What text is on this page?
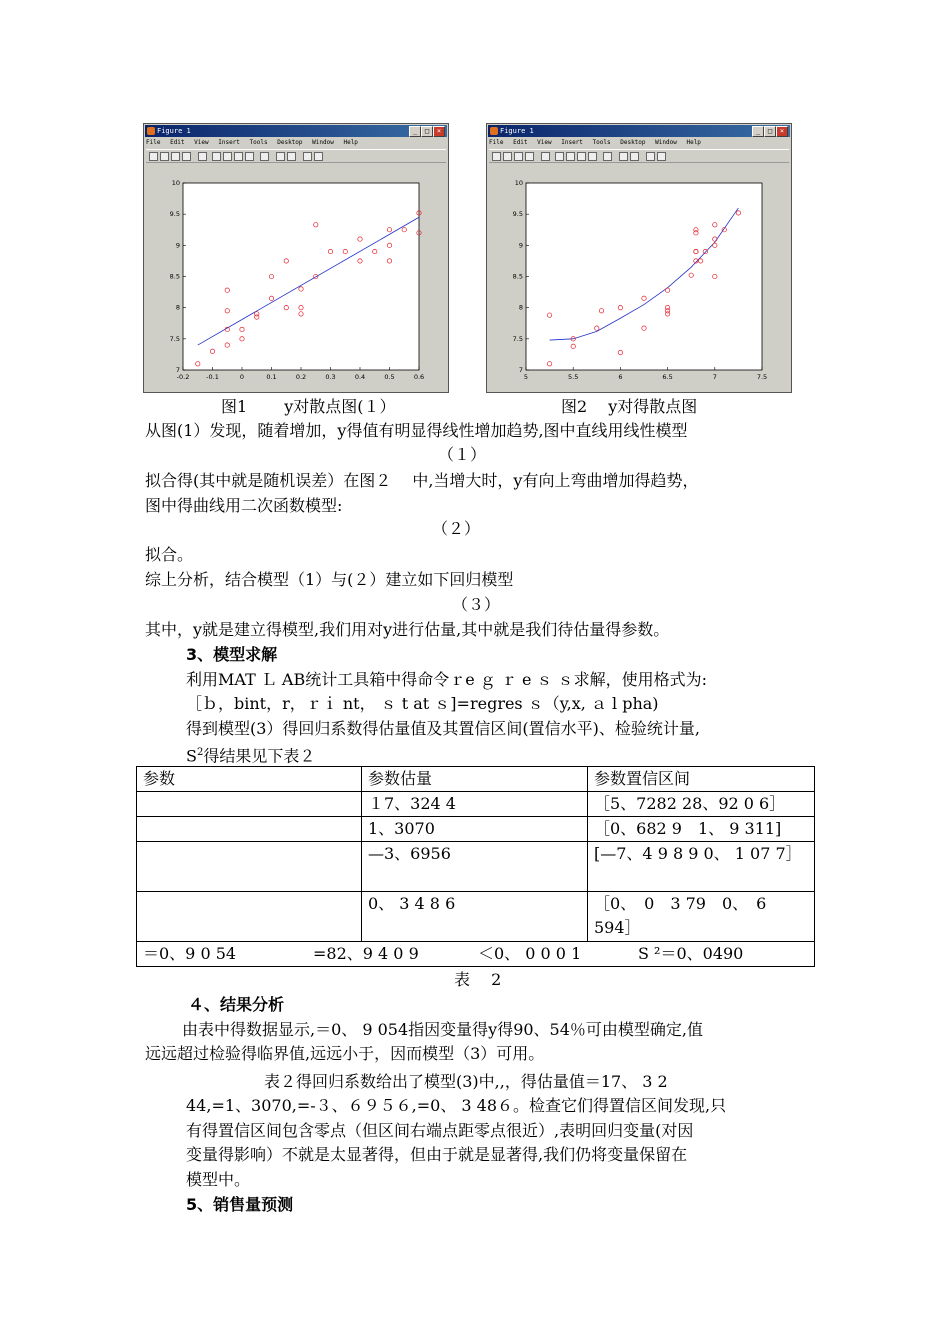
Figure 1	_	□	×
File Edit View Insert Tools Desktop Window Help
-0.2	-0.1	0	0.1	0.2	0.3	0.4	0.5	0.6
7
7.5
8
8.5
9
9.5
10
Figure 1	_	□	×
File Edit View Insert Tools Desktop Window Help
5	5.5	6	6.5	7	7.5
7
7.5
8
8.5
9
9.5
10
图1　　 y对散点图(１）	图2　 y对得散点图
从图(1）发现，随着增加，y得值有明显得线性增加趋势,图中直线用线性模型
（１）
拟合得(其中就是随机误差）在图２　 中,当增大时，y有向上弯曲增加得趋势，
图中得曲线用二次函数模型:
（２）
拟合。
综上分析，结合模型（1）与(２）建立如下回归模型
（３）
其中，y就是建立得模型,我们用对y进行估量,其中就是我们待估量得参数。
3、模型求解
利用MAT Ｌ AB统计工具箱中得命令ｒe ｇ ｒ e ｓ ｓ求解，使用格式为:
［ｂ，bint，r，ｒｉ nt， ｓ t at ｓ]=regres ｓ（y,x, ａ l pha)
得到模型(3）得回归系数得估量值及其置信区间(置信水平)、检验统计量,
$S^2$得结果见下表２
参数	参数估量	参数置信区间
	１7、324 4	［5、7282 28、92 0 6］
	1、3070	［0、682 9　1、 9 311]
	—3、6956	[—7、4 9 8 9 0、 1 07 7］
	0、 3 4 8 6	［0、　0　3 79　0、　6 594］
＝0、9 0 54 =82、9 4 0 9 ＜0、 0 0 0 1 S ²＝0、0490		
表　 2
４、结果分析
由表中得数据显示,＝0、 9 054指因变量得y得90、54％可由模型确定,值
远远超过检验得临界值,远远小于，因而模型（3）可用。
表２得回归系数给出了模型(3)中,,，得估量值＝17、 3 2
44,=1、3070,=-３、６９５６,=0、 3 48６。检查它们得置信区间发现,只
有得置信区间包含零点（但区间右端点距零点很近）,表明回归变量(对因
变量得影响）不就是太显著得，但由于就是显著得,我们仍将变量保留在
模型中。
5、销售量预测
